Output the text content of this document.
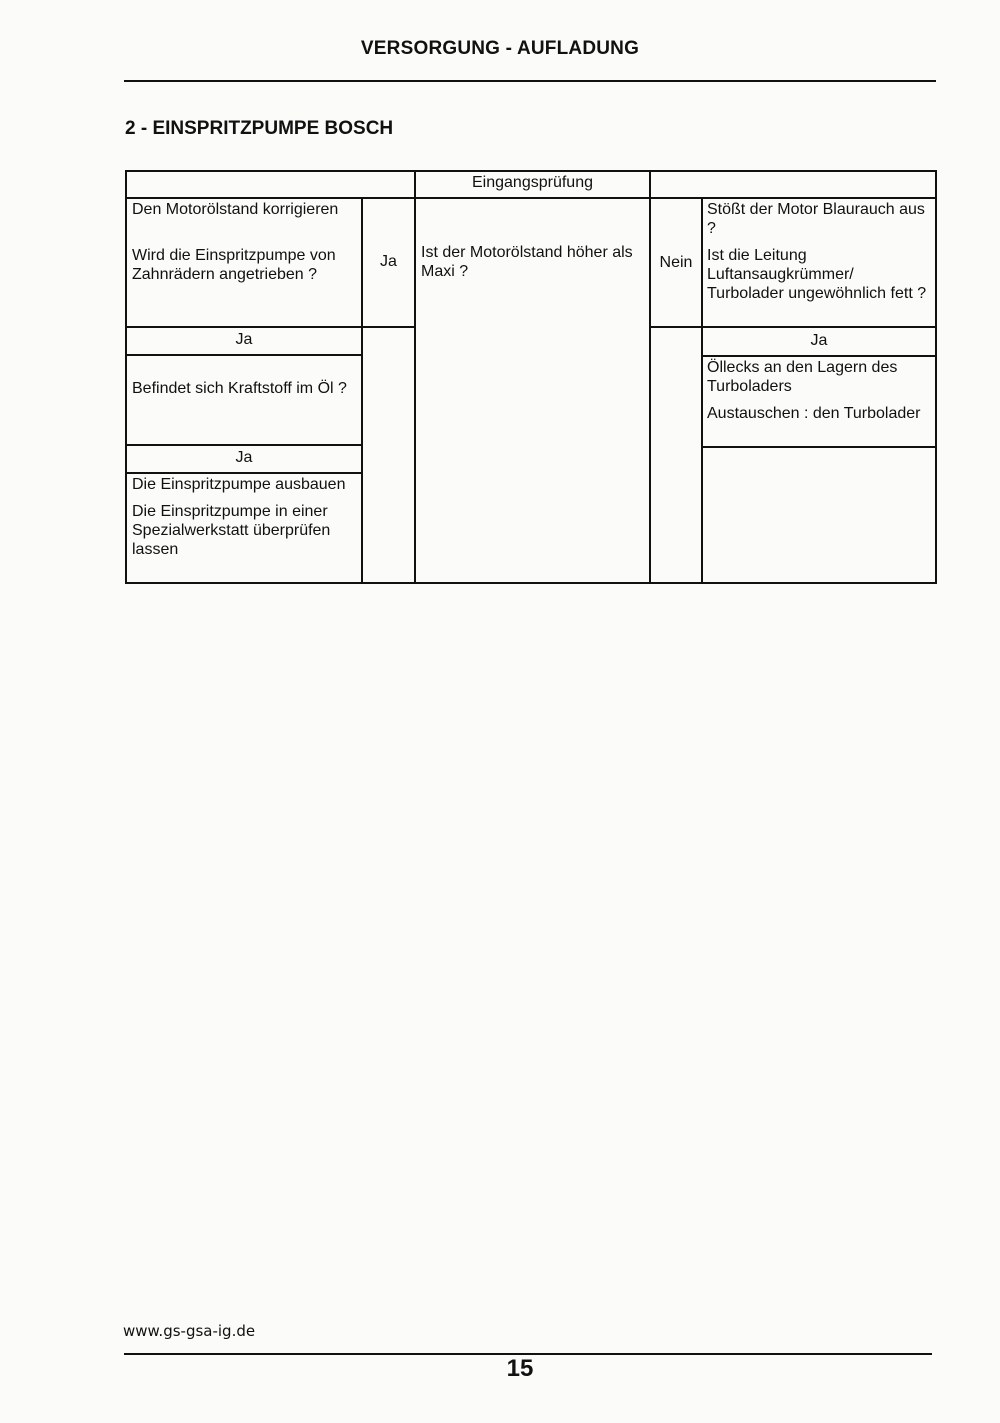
VERSORGUNG - AUFLADUNG
2 - EINSPRITZPUMPE BOSCH
Eingangsprüfung

Den Motorölstand korrigieren

Wird die Einspritzpumpe von Zahnrädern angetrieben ?

Ja
Ist der Motorölstand höher als Maxi ?
Nein

Stößt der Motor Blaurauch aus ?

Ist die Leitung Luftansaugkrümmer/ Turbolader ungewöhnlich fett ?

Ja	Ja
Befindet sich Kraftstoff im Öl ?

Öllecks an den Lagern des Turboladers

Austauschen : den Turbolader

Ja

Die Einspritzpumpe ausbauen

Die Einspritzpumpe in einer Spezialwerkstatt überprüfen lassen

www.gs-gsa-ig.de
15
